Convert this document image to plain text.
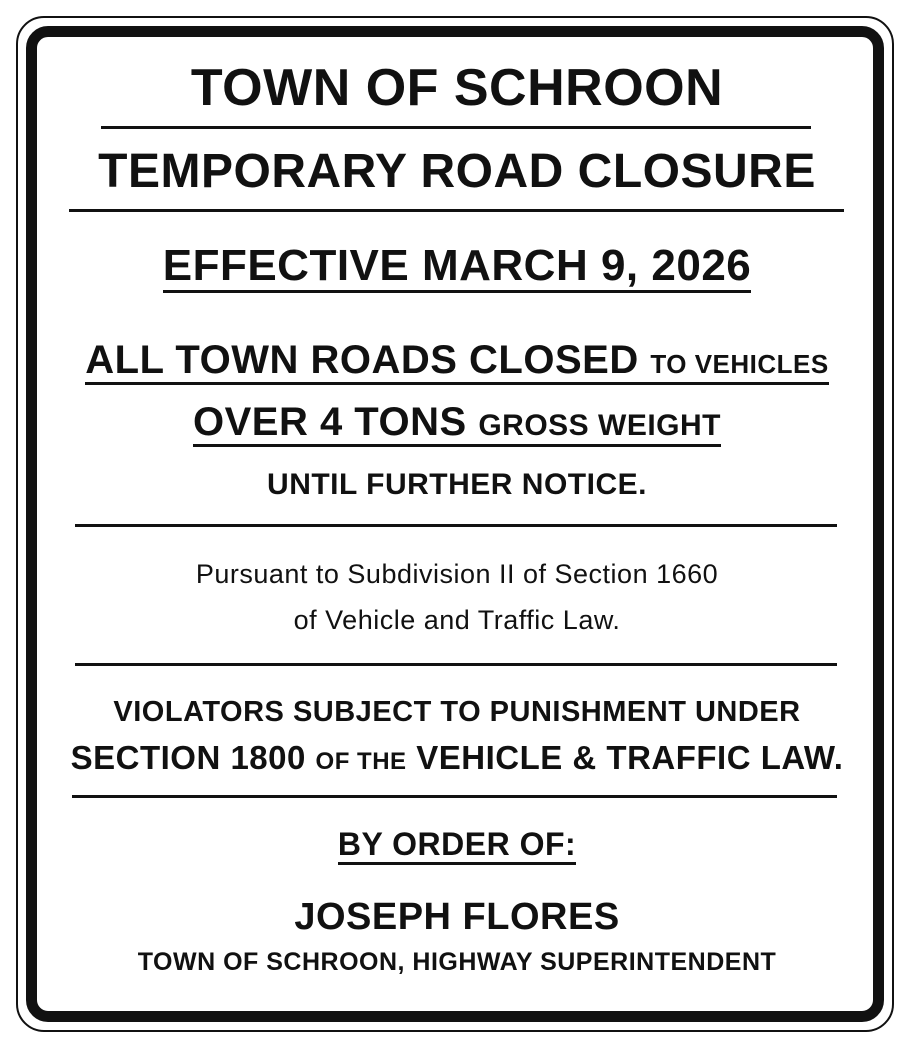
TOWN OF SCHROON
TEMPORARY ROAD CLOSURE
EFFECTIVE MARCH 9, 2026
ALL TOWN ROADS CLOSED TO VEHICLES
OVER 4 TONS GROSS WEIGHT
UNTIL FURTHER NOTICE.
Pursuant to Subdivision II of Section 1660
of Vehicle and Traffic Law.
VIOLATORS SUBJECT TO PUNISHMENT UNDER
SECTION 1800 OF THE VEHICLE & TRAFFIC LAW.
BY ORDER OF:
JOSEPH FLORES
TOWN OF SCHROON, HIGHWAY SUPERINTENDENT
